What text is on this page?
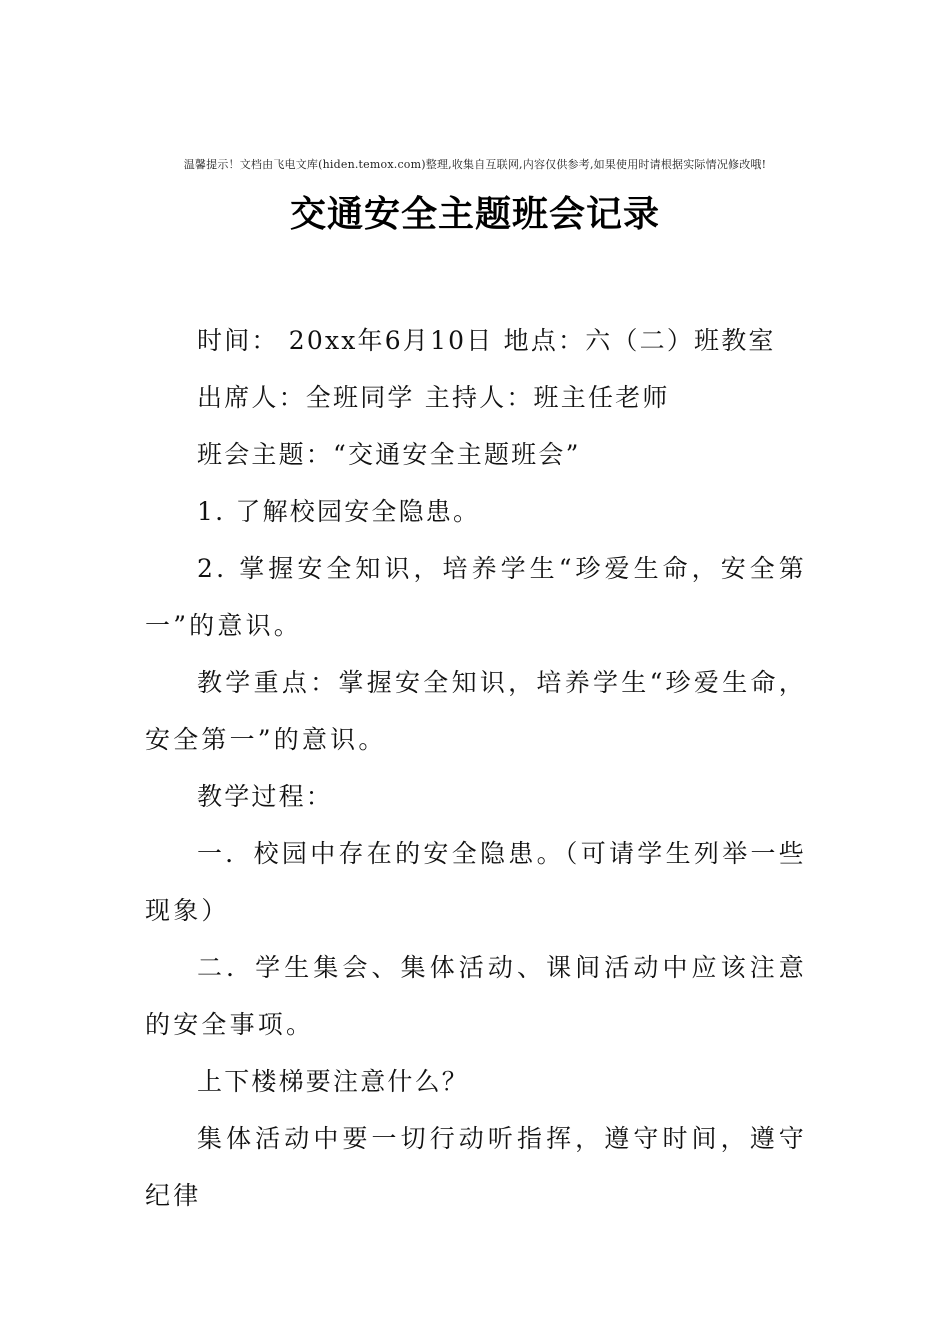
温馨提示！文档由飞电文库(hiden.temox.com)整理,收集自互联网,内容仅供参考,如果使用时请根据实际情况修改哦!
交通安全主题班会记录

时间： 20xx年6月10日 地点：六（二）班教室

出席人：全班同学 主持人：班主任老师

班会主题：“交通安全主题班会”

1. 了解校园安全隐患。

2. 掌握安全知识，培养学生“珍爱生命，安全第一”的意识。

教学重点：掌握安全知识，培养学生“珍爱生命，安全第一”的意识。

教学过程：

一．校园中存在的安全隐患。（可请学生列举一些现象）

二．学生集会、集体活动、课间活动中应该注意的安全事项。

上下楼梯要注意什么？

集体活动中要一切行动听指挥，遵守时间，遵守纪律
